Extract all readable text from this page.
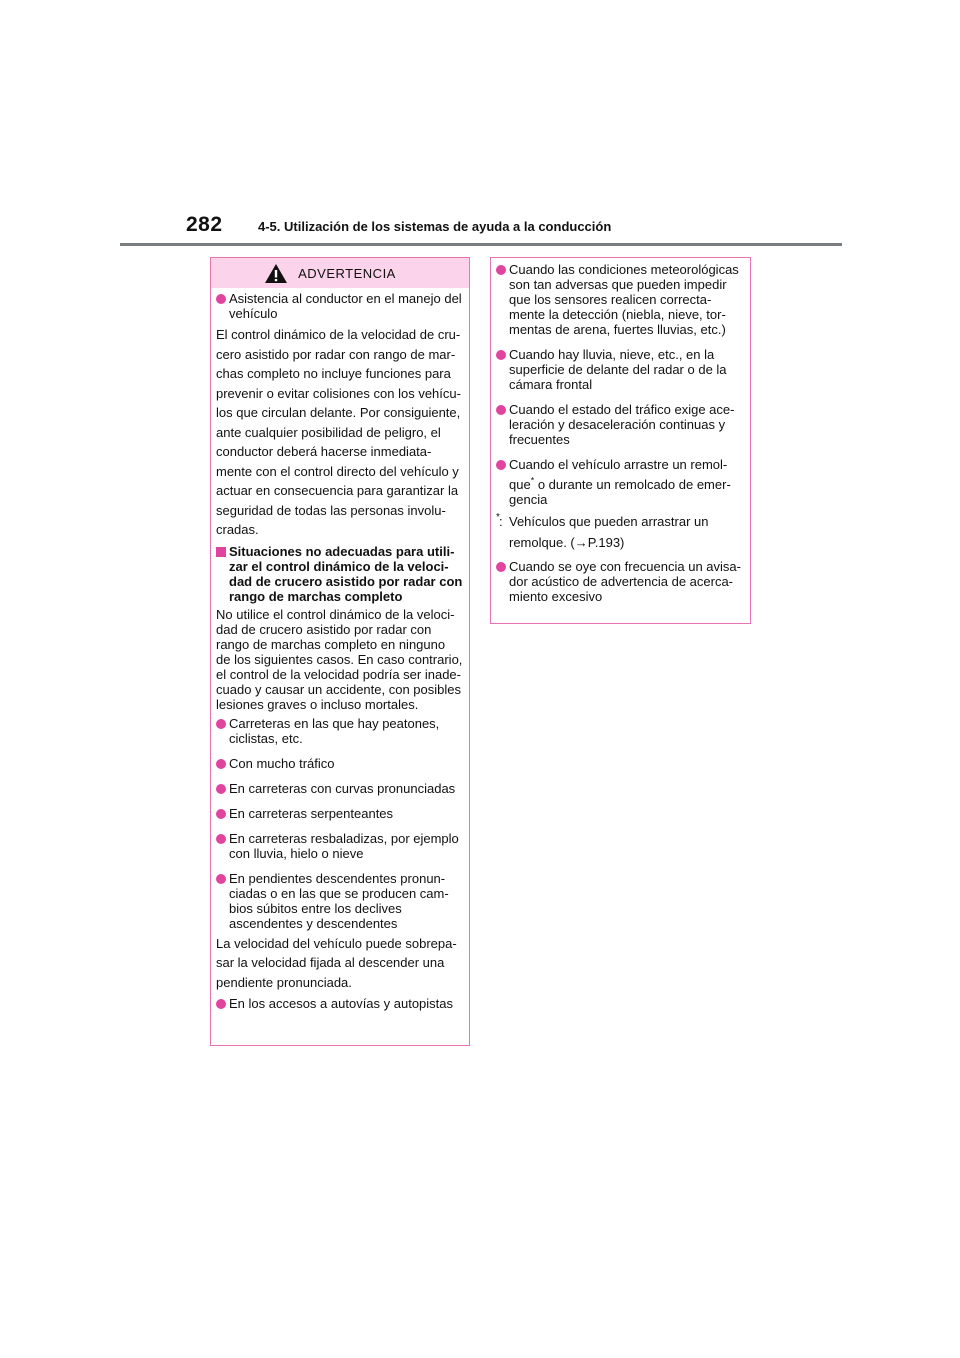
282	4-5. Utilización de los sistemas de ayuda a la conducción
ADVERTENCIA
Asistencia al conductor en el manejo del vehículo
El control dinámico de la velocidad de cru-
cero asistido por radar con rango de mar-
chas completo no incluye funciones para
prevenir o evitar colisiones con los vehícu-
los que circulan delante. Por consiguiente,
ante cualquier posibilidad de peligro, el
conductor deberá hacerse inmediata-
mente con el control directo del vehículo y
actuar en consecuencia para garantizar la
seguridad de todas las personas involu-
cradas.
Situaciones no adecuadas para utili- zar el control dinámico de la veloci- dad de crucero asistido por radar con rango de marchas completo
No utilice el control dinámico de la veloci- dad de crucero asistido por radar con rango de marchas completo en ninguno de los siguientes casos. En caso contrario, el control de la velocidad podría ser inade- cuado y causar un accidente, con posibles lesiones graves o incluso mortales.
Carreteras en las que hay peatones, ciclistas, etc.
Con mucho tráfico
En carreteras con curvas pronunciadas
En carreteras serpenteantes
En carreteras resbaladizas, por ejemplo con lluvia, hielo o nieve
En pendientes descendentes pronun- ciadas o en las que se producen cam- bios súbitos entre los declives ascendentes y descendentes
La velocidad del vehículo puede sobrepa-
sar la velocidad fijada al descender una
pendiente pronunciada.
En los accesos a autovías y autopistas
Cuando las condiciones meteorológicas son tan adversas que pueden impedir que los sensores realicen correcta- mente la detección (niebla, nieve, tor- mentas de arena, fuertes lluvias, etc.)
Cuando hay lluvia, nieve, etc., en la superficie de delante del radar o de la cámara frontal
Cuando el estado del tráfico exige ace- leración y desaceleración continuas y frecuentes
Cuando el vehículo arrastre un remol-
que* o durante un remolcado de emer-
gencia
* : Vehículos que pueden arrastrar un
remolque. (→P.193)
Cuando se oye con frecuencia un avisa- dor acústico de advertencia de acerca- miento excesivo
